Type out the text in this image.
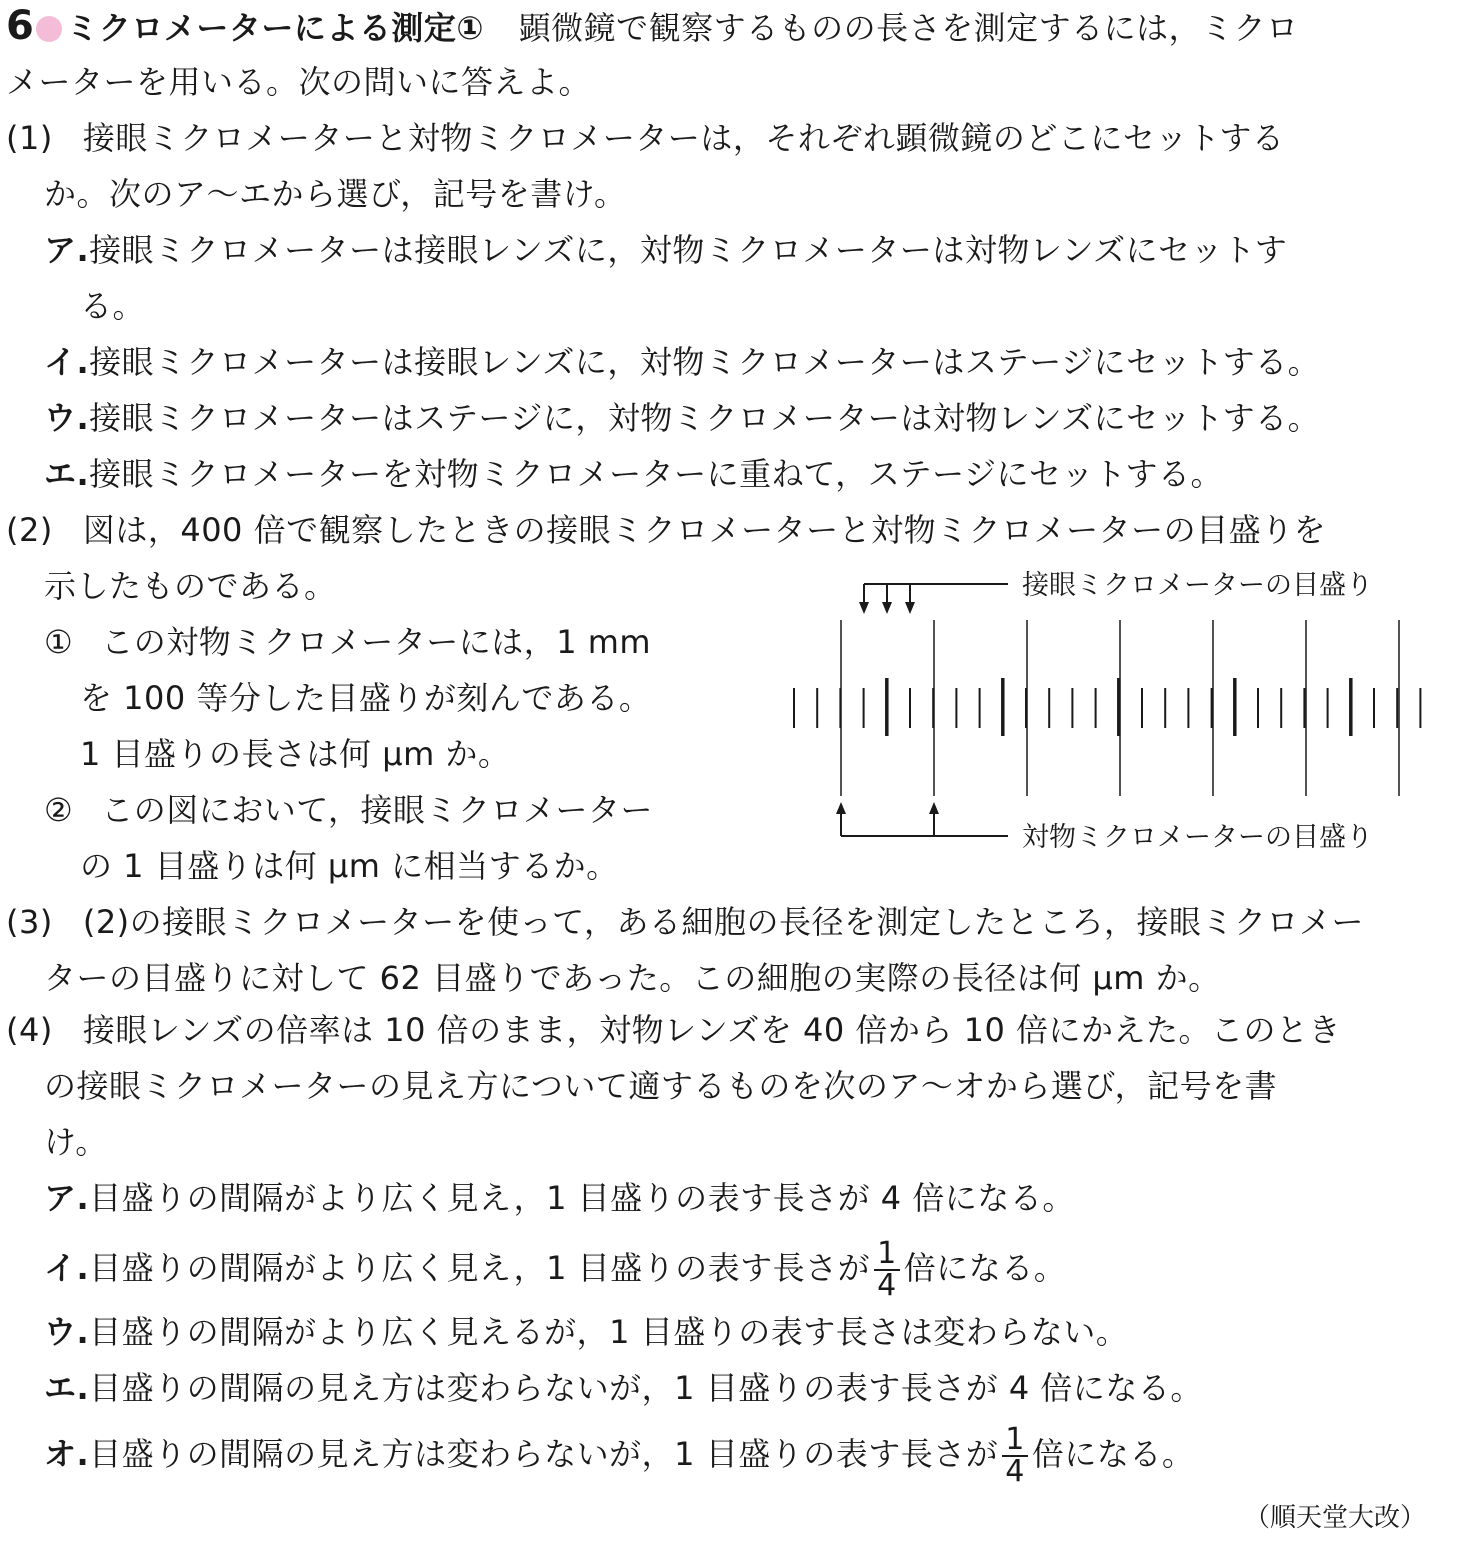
6 ミクロメーターによる測定① 顕微鏡で観察するものの長さを測定するには，ミクロ
メーターを用いる。次の問いに答えよ。
(1) 接眼ミクロメーターと対物ミクロメーターは，それぞれ顕微鏡のどこにセットする
か。次のア～エから選び，記号を書け。
ア.接眼ミクロメーターは接眼レンズに，対物ミクロメーターは対物レンズにセットす
る。
イ.接眼ミクロメーターは接眼レンズに，対物ミクロメーターはステージにセットする。
ウ.接眼ミクロメーターはステージに，対物ミクロメーターは対物レンズにセットする。
エ.接眼ミクロメーターを対物ミクロメーターに重ねて，ステージにセットする。
(2) 図は，400 倍で観察したときの接眼ミクロメーターと対物ミクロメーターの目盛りを
示したものである。
① この対物ミクロメーターには，1 mm
を 100 等分した目盛りが刻んである。
1 目盛りの長さは何 μm か。
② この図において，接眼ミクロメーター
の 1 目盛りは何 μm に相当するか。
接眼ミクロメーターの目盛り
対物ミクロメーターの目盛り
(3) (2)の接眼ミクロメーターを使って，ある細胞の長径を測定したところ，接眼ミクロメー
ターの目盛りに対して 62 目盛りであった。この細胞の実際の長径は何 μm か。
(4) 接眼レンズの倍率は 10 倍のまま，対物レンズを 40 倍から 10 倍にかえた。このとき
の接眼ミクロメーターの見え方について適するものを次のア～オから選び，記号を書
け。
ア.目盛りの間隔がより広く見え，1 目盛りの表す長さが 4 倍になる。
イ.目盛りの間隔がより広く見え，1 目盛りの表す長さが $\frac{1}{4}$ 倍になる。
ウ.目盛りの間隔がより広く見えるが，1 目盛りの表す長さは変わらない。
エ.目盛りの間隔の見え方は変わらないが，1 目盛りの表す長さが 4 倍になる。
オ.目盛りの間隔の見え方は変わらないが，1 目盛りの表す長さが $\frac{1}{4}$ 倍になる。
（順天堂大改）
